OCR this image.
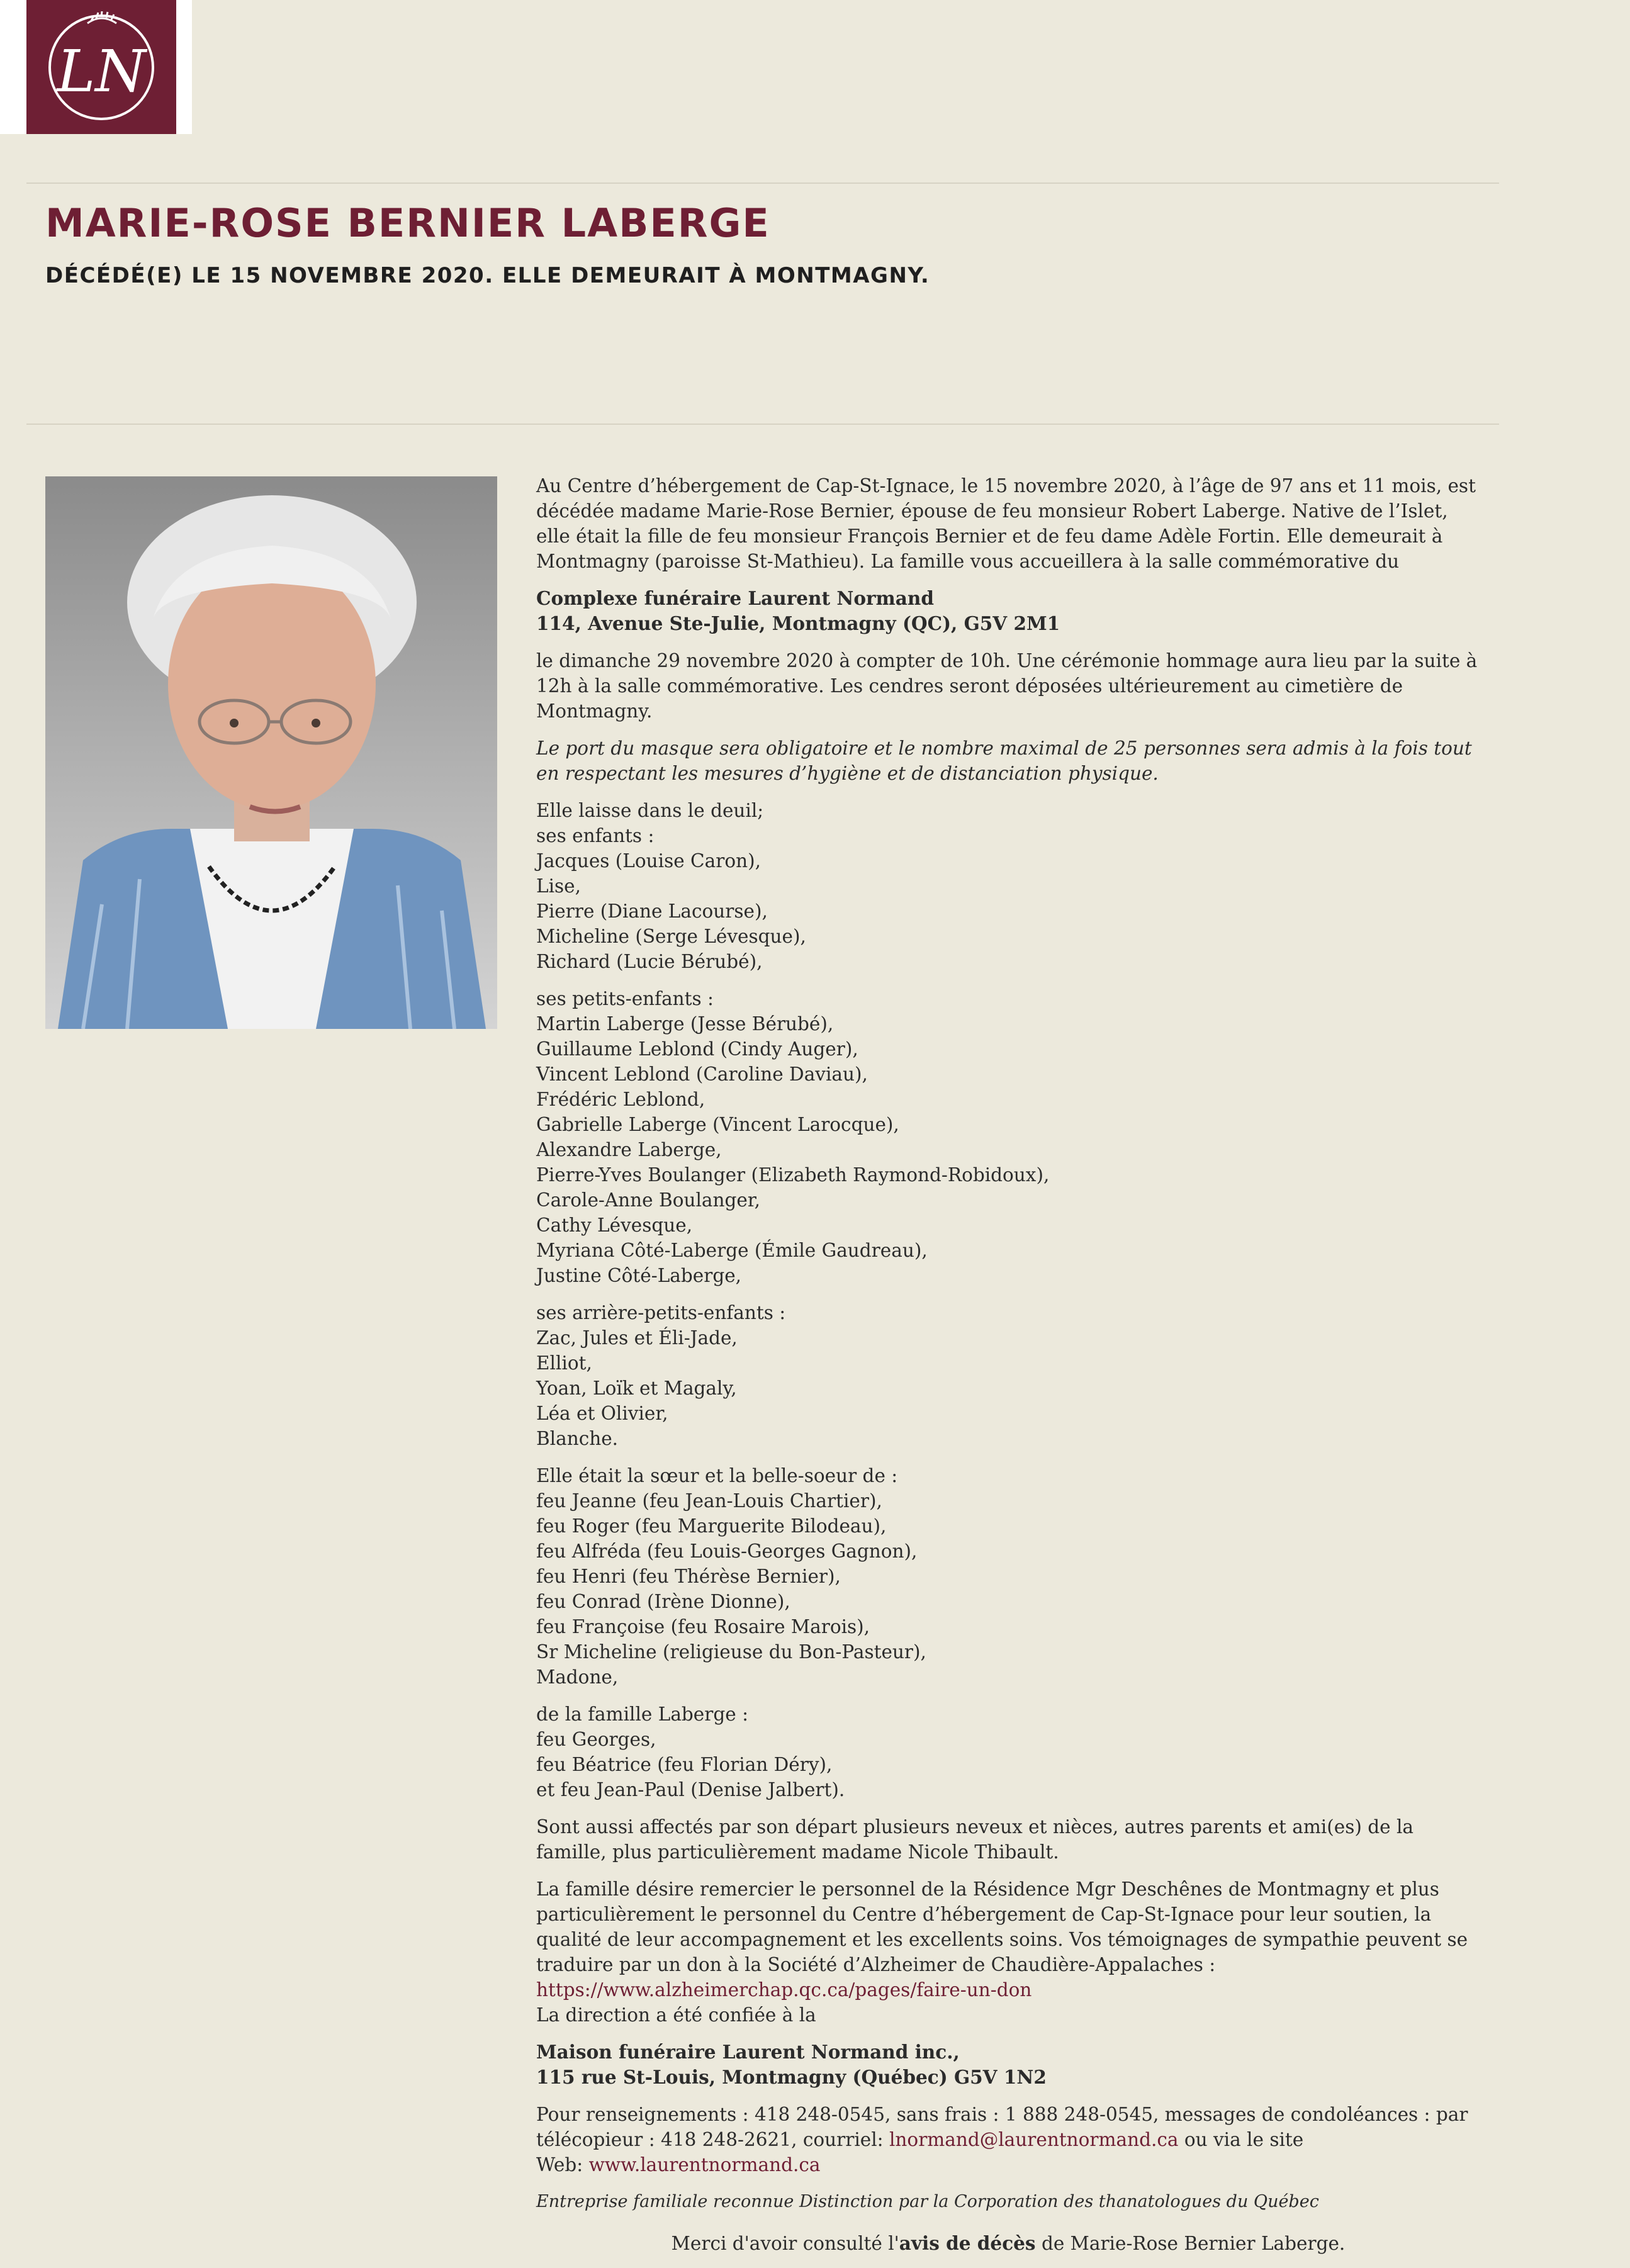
LN
MARIE-ROSE BERNIER LABERGE
DÉCÉDÉ(E) LE 15 NOVEMBRE 2020. ELLE DEMEURAIT À MONTMAGNY.

Au Centre d’hébergement de Cap-St-Ignace, le 15 novembre 2020, à l’âge de 97 ans et 11 mois, est décédée madame Marie-Rose Bernier, épouse de feu monsieur Robert Laberge. Native de l’Islet, elle était la fille de feu monsieur François Bernier et de feu dame Adèle Fortin. Elle demeurait à Montmagny (paroisse St-Mathieu). La famille vous accueillera à la salle commémorative du

Complexe funéraire Laurent Normand
114, Avenue Ste-Julie, Montmagny (QC), G5V 2M1

le dimanche 29 novembre 2020 à compter de 10h. Une cérémonie hommage aura lieu par la suite à 12h à la salle commémorative. Les cendres seront déposées ultérieurement au cimetière de Montmagny.

Le port du masque sera obligatoire et le nombre maximal de 25 personnes sera admis à la fois tout en respectant les mesures d’hygiène et de distanciation physique.

Elle laisse dans le deuil;
ses enfants :
Jacques (Louise Caron),
Lise,
Pierre (Diane Lacourse),
Micheline (Serge Lévesque),
Richard (Lucie Bérubé),
ses petits-enfants :
Martin Laberge (Jesse Bérubé),
Guillaume Leblond (Cindy Auger),
Vincent Leblond (Caroline Daviau),
Frédéric Leblond,
Gabrielle Laberge (Vincent Larocque),
Alexandre Laberge,
Pierre-Yves Boulanger (Elizabeth Raymond-Robidoux),
Carole-Anne Boulanger,
Cathy Lévesque,
Myriana Côté-Laberge (Émile Gaudreau),
Justine Côté-Laberge,
ses arrière-petits-enfants :
Zac, Jules et Éli-Jade,
Elliot,
Yoan, Loïk et Magaly,
Léa et Olivier,
Blanche.
Elle était la sœur et la belle-soeur de :
feu Jeanne (feu Jean-Louis Chartier),
feu Roger (feu Marguerite Bilodeau),
feu Alfréda (feu Louis-Georges Gagnon),
feu Henri (feu Thérèse Bernier),
feu Conrad (Irène Dionne),
feu Françoise (feu Rosaire Marois),
Sr Micheline (religieuse du Bon-Pasteur),
Madone,
de la famille Laberge :
feu Georges,
feu Béatrice (feu Florian Déry),
et feu Jean-Paul (Denise Jalbert).

Sont aussi affectés par son départ plusieurs neveux et nièces, autres parents et ami(es) de la famille, plus particulièrement madame Nicole Thibault.

La famille désire remercier le personnel de la Résidence Mgr Deschênes de Montmagny et plus particulièrement le personnel du Centre d’hébergement de Cap-St-Ignace pour leur soutien, la qualité de leur accompagnement et les excellents soins. Vos témoignages de sympathie peuvent se traduire par un don à la Société d’Alzheimer de Chaudière-Appalaches : https://www.alzheimerchap.qc.ca/pages/faire-un-don
La direction a été confiée à la

Maison funéraire Laurent Normand inc.,
115 rue St-Louis, Montmagny (Québec) G5V 1N2

Pour renseignements : 418 248-0545, sans frais : 1 888 248-0545, messages de condoléances : par télécopieur : 418 248-2621, courriel: lnormand@laurentnormand.ca ou via le site
Web: www.laurentnormand.ca

Entreprise familiale reconnue Distinction par la Corporation des thanatologues du Québec

Merci d'avoir consulté l'avis de décès de Marie-Rose Bernier Laberge.
